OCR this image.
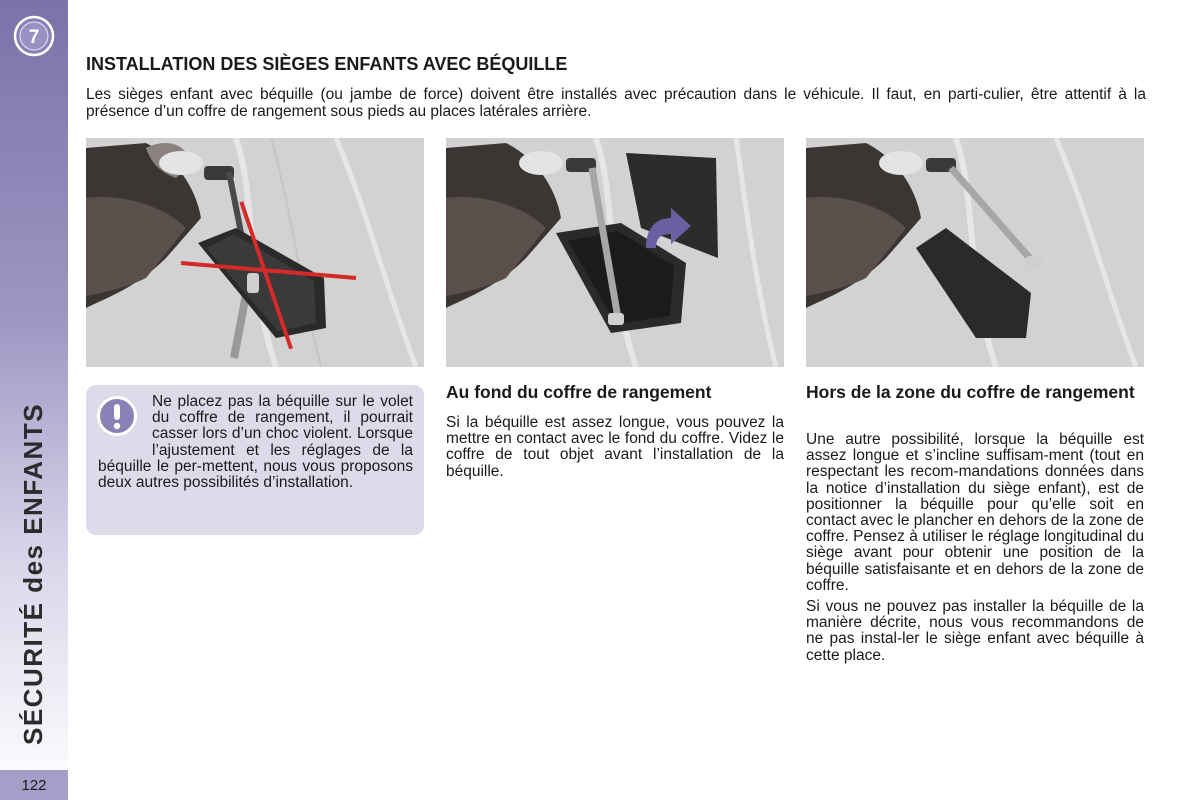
7
SÉCURITÉ des ENFANTS
122
INSTALLATION DES SIÈGES ENFANTS AVEC BÉQUILLE
Les sièges enfant avec béquille (ou jambe de force) doivent être installés avec précaution dans le véhicule. Il faut, en parti-culier, être attentif à la présence d’un coffre de rangement sous pieds au places latérales arrière.
Ne placez pas la béquille sur le volet du coffre de rangement, il pourrait casser lors d’un choc violent. Lorsque l’ajustement et les réglages de la béquille le per-mettent, nous vous proposons deux autres possibilités d’installation.
Au fond du coffre de rangement
Si la béquille est assez longue, vous pouvez la mettre en contact avec le fond du coffre. Videz le coffre de tout objet avant l’installation de la béquille.
Hors de la zone du coffre de rangement

Une autre possibilité, lorsque la béquille est assez longue et s’incline suffisam-ment (tout en respectant les recom-mandations données dans la notice d’installation du siège enfant), est de positionner la béquille pour qu’elle soit en contact avec le plancher en dehors de la zone de coffre. Pensez à utiliser le réglage longitudinal du siège avant pour obtenir une position de la béquille satisfaisante et en dehors de la zone de coffre.

Si vous ne pouvez pas installer la béquille de la manière décrite, nous vous recommandons de ne pas instal-ler le siège enfant avec béquille à cette place.
